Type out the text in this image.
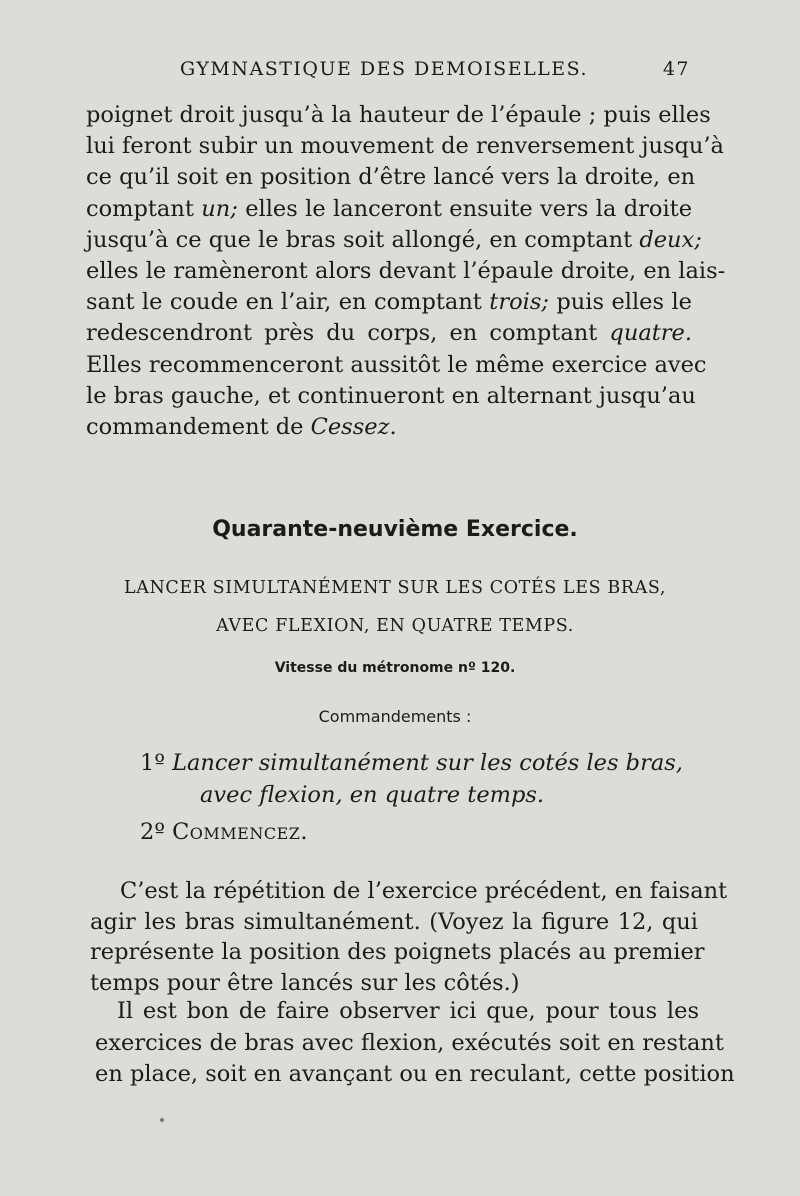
GYMNASTIQUE DES DEMOISELLES.	47
poignet droit jusqu’à la hauteur de l’épaule ; puis elles
lui feront subir un mouvement de renversement jusqu’à
ce qu’il soit en position d’être lancé vers la droite, en
comptant un; elles le lanceront ensuite vers la droite
jusqu’à ce que le bras soit allongé, en comptant deux;
elles le ramèneront alors devant l’épaule droite, en lais-
sant le coude en l’air, en comptant trois; puis elles le
redescendront près du corps, en comptant quatre.
Elles recommenceront aussitôt le même exercice avec
le bras gauche, et continueront en alternant jusqu’au
commandement de Cessez.
Quarante-neuvième Exercice.
LANCER SIMULTANÉMENT SUR LES COTÉS LES BRAS,
AVEC FLEXION, EN QUATRE TEMPS.
Vitesse du métronome nº 120.
Commandements :
1º Lancer simultanément sur les cotés les bras,
avec flexion, en quatre temps.
2º Commencez.
C’est la répétition de l’exercice précédent, en faisant
agir les bras simultanément. (Voyez la figure 12, qui
représente la position des poignets placés au premier
temps pour être lancés sur les côtés.)
Il est bon de faire observer ici que, pour tous les
exercices de bras avec flexion, exécutés soit en restant
en place, soit en avançant ou en reculant, cette position
